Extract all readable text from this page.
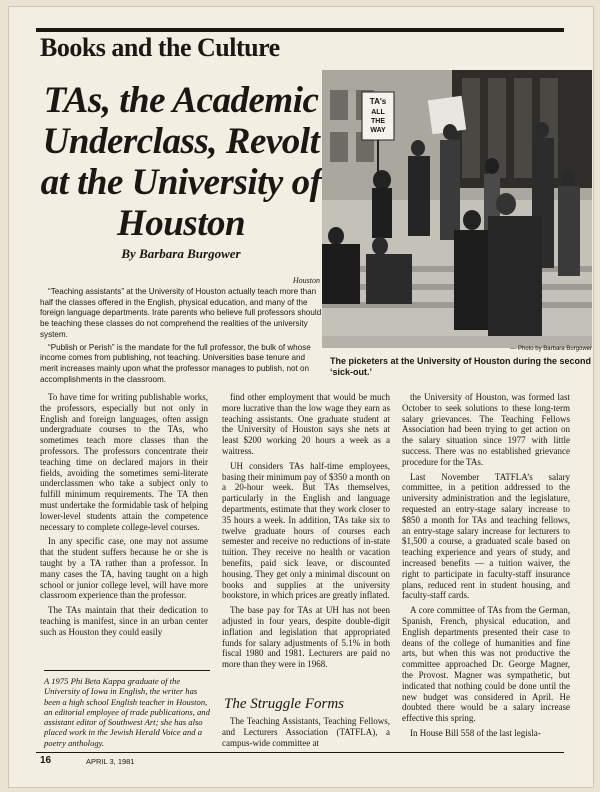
Books and the Culture
TAs, the Academic Underclass, Revolt at the University of Houston
By Barbara Burgower
Houston

“Teaching assistants” at the University of Houston actually teach more than half the classes offered in the English, physical education, and many of the foreign language departments. Irate parents who believe full professors should be teaching these classes do not comprehend the realities of the university system.

“Publish or Perish” is the mandate for the full professor, the bulk of whose income comes from publishing, not teaching. Universities base tenure and merit increases mainly upon what the professor manages to publish, not on accomplishments in the classroom.

TA's
ALL
THE
WAY
— Photo by Barbara Burgower
The picketers at the University of Houston during the second ‘sick-out.’

To have time for writing publishable works, the professors, especially but not only in English and foreign languages, often assign undergraduate courses to the TAs, who sometimes teach more classes than the professors. The professors concentrate their teaching time on declared majors in their fields, avoiding the sometimes semi-literate underclassmen who take a subject only to fulfill minimum requirements. The TA then must undertake the formidable task of helping lower-level students attain the competence necessary to complete college-level courses.

In any specific case, one may not assume that the student suffers because he or she is taught by a TA rather than a professor. In many cases the TA, having taught on a high school or junior college level, will have more classroom experience than the professor.

The TAs maintain that their dedication to teaching is manifest, since in an urban center such as Houston they could easily

A 1975 Phi Beta Kappa graduate of the University of Iowa in English, the writer has been a high school English teacher in Houston, an editorial employee of trade publications, and assistant editor of Southwest Art; she has also placed work in the Jewish Herald Voice and a poetry anthology.

find other employment that would be much more lucrative than the low wage they earn as teaching assistants. One graduate student at the University of Houston says she nets at least $200 working 20 hours a week as a waitress.

UH considers TAs half-time employees, basing their minimum pay of $350 a month on a 20-hour week. But TAs themselves, particularly in the English and language departments, estimate that they work closer to 35 hours a week. In addition, TAs take six to twelve graduate hours of courses each semester and receive no reductions of in-state tuition. They receive no health or vacation benefits, paid sick leave, or discounted housing. They get only a minimal discount on books and supplies at the university bookstore, in which prices are greatly inflated.

The base pay for TAs at UH has not been adjusted in four years, despite double-digit inflation and legislation that appropriated funds for salary adjustments of 5.1% in both fiscal 1980 and 1981. Lecturers are paid no more than they were in 1968.

The Struggle Forms

The Teaching Assistants, Teaching Fellows, and Lecturers Association (TATFLA), a campus-wide committee at

the University of Houston, was formed last October to seek solutions to these long-term salary grievances. The Teaching Fellows Association had been trying to get action on the salary situation since 1977 with little success. There was no established grievance procedure for the TAs.

Last November TATFLA’s salary committee, in a petition addressed to the university administration and the legislature, requested an entry-stage salary increase to $850 a month for TAs and teaching fellows, an entry-stage salary increase for lecturers to $1,500 a course, a graduated scale based on teaching experience and years of study, and increased benefits — a tuition waiver, the right to participate in faculty-staff insurance plans, reduced rent in student housing, and faculty-staff cards.

A core committee of TAs from the German, Spanish, French, physical education, and English departments presented their case to deans of the college of humanities and fine arts, but when this was not productive the committee approached Dr. George Magner, the Provost. Magner was sympathetic, but indicated that nothing could be done until the new budget was considered in April. He doubted there would be a salary increase effective this spring.

In House Bill 558 of the last legisla-

16	APRIL 3, 1981
